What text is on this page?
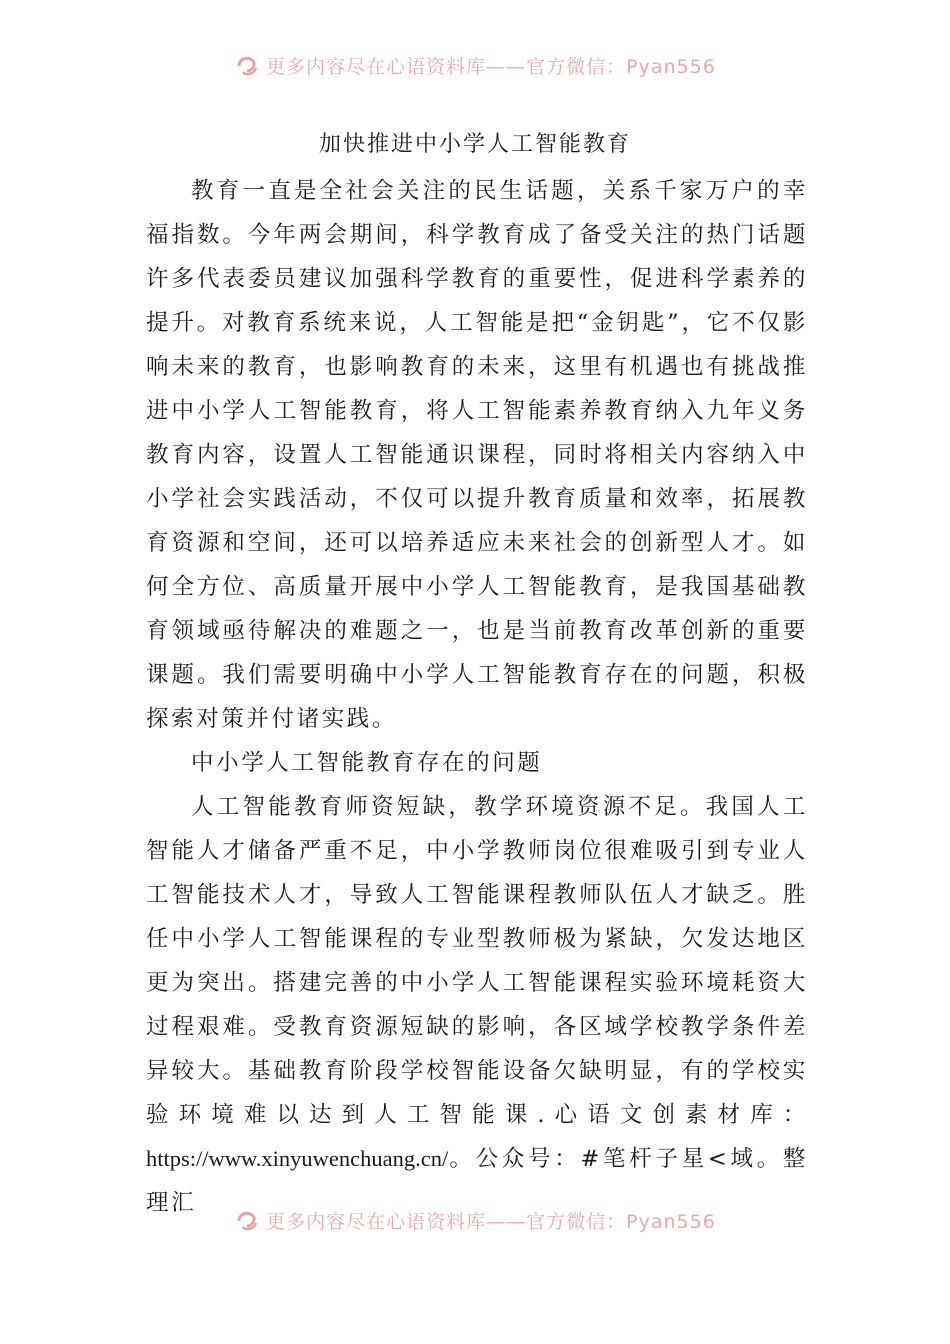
更多内容尽在心语资料库——官方微信：Pyan556
加快推进中小学人工智能教育

教育一直是全社会关注的民生话题，关系千家万户的幸福指数。今年两会期间，科学教育成了备受关注的热门话题许多代表委员建议加强科学教育的重要性，促进科学素养的提升。对教育系统来说，人工智能是把“金钥匙”，它不仅影响未来的教育，也影响教育的未来，这里有机遇也有挑战推进中小学人工智能教育，将人工智能素养教育纳入九年义务教育内容，设置人工智能通识课程，同时将相关内容纳入中小学社会实践活动，不仅可以提升教育质量和效率，拓展教育资源和空间，还可以培养适应未来社会的创新型人才。如何全方位、高质量开展中小学人工智能教育，是我国基础教育领域亟待解决的难题之一，也是当前教育改革创新的重要课题。我们需要明确中小学人工智能教育存在的问题，积极探索对策并付诸实践。

中小学人工智能教育存在的问题

人工智能教育师资短缺，教学环境资源不足。我国人工智能人才储备严重不足，中小学教师岗位很难吸引到专业人工智能技术人才，导致人工智能课程教师队伍人才缺乏。胜任中小学人工智能课程的专业型教师极为紧缺，欠发达地区更为突出。搭建完善的中小学人工智能课程实验环境耗资大过程艰难。受教育资源短缺的影响，各区域学校教学条件差异较大。基础教育阶段学校智能设备欠缺明显，有的学校实验环境难以达到人工智能课.心语文创素材库：https://www.xinyuwenchuang.cn/。公众号：#笔杆子星<域。整理汇

更多内容尽在心语资料库——官方微信：Pyan556
